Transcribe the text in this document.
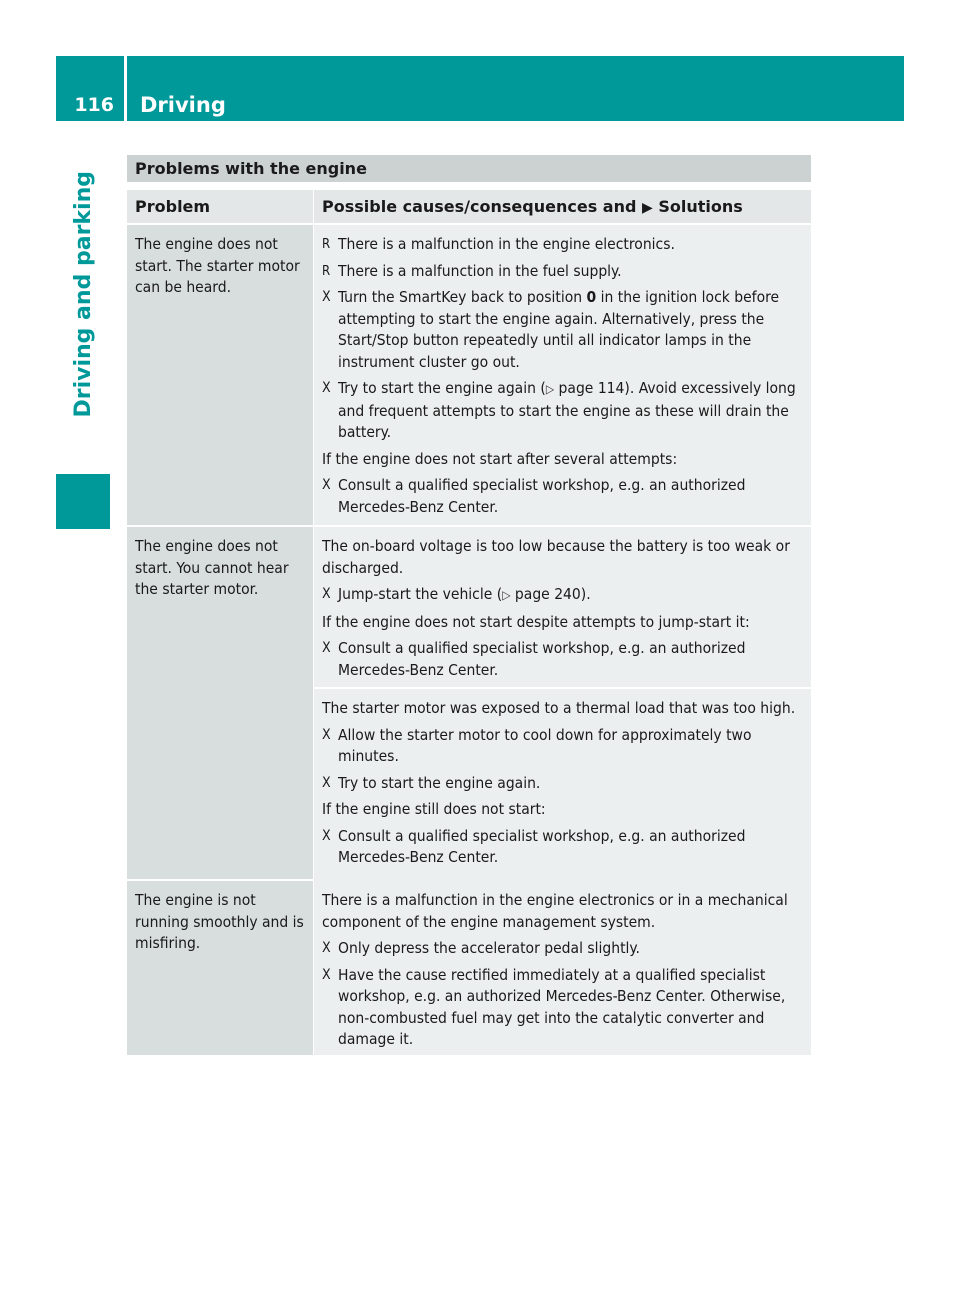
116	Driving
Driving and parking
Problems with the engine
Problem	Possible causes/consequences and ▶ Solutions
The engine does not start. The starter motor can be heard.
R There is a malfunction in the engine electronics.
R There is a malfunction in the fuel supply.
X Turn the SmartKey back to position 0 in the ignition lock before attempting to start the engine again. Alternatively, press the Start/Stop button repeatedly until all indicator lamps in the instrument cluster go out.
X Try to start the engine again (▷ page 114). Avoid excessively long and frequent attempts to start the engine as these will drain the battery.
If the engine does not start after several attempts:
X Consult a qualified specialist workshop, e.g. an authorized Mercedes-Benz Center.
The engine does not start. You cannot hear the starter motor.
The on-board voltage is too low because the battery is too weak or discharged.
X Jump-start the vehicle (▷ page 240).
If the engine does not start despite attempts to jump-start it:
X Consult a qualified specialist workshop, e.g. an authorized Mercedes-Benz Center.
The starter motor was exposed to a thermal load that was too high.
X Allow the starter motor to cool down for approximately two minutes.
X Try to start the engine again.
If the engine still does not start:
X Consult a qualified specialist workshop, e.g. an authorized Mercedes-Benz Center.
The engine is not running smoothly and is misfiring.
There is a malfunction in the engine electronics or in a mechanical component of the engine management system.
X Only depress the accelerator pedal slightly.
X Have the cause rectified immediately at a qualified specialist workshop, e.g. an authorized Mercedes-Benz Center. Otherwise, non-combusted fuel may get into the catalytic converter and damage it.
